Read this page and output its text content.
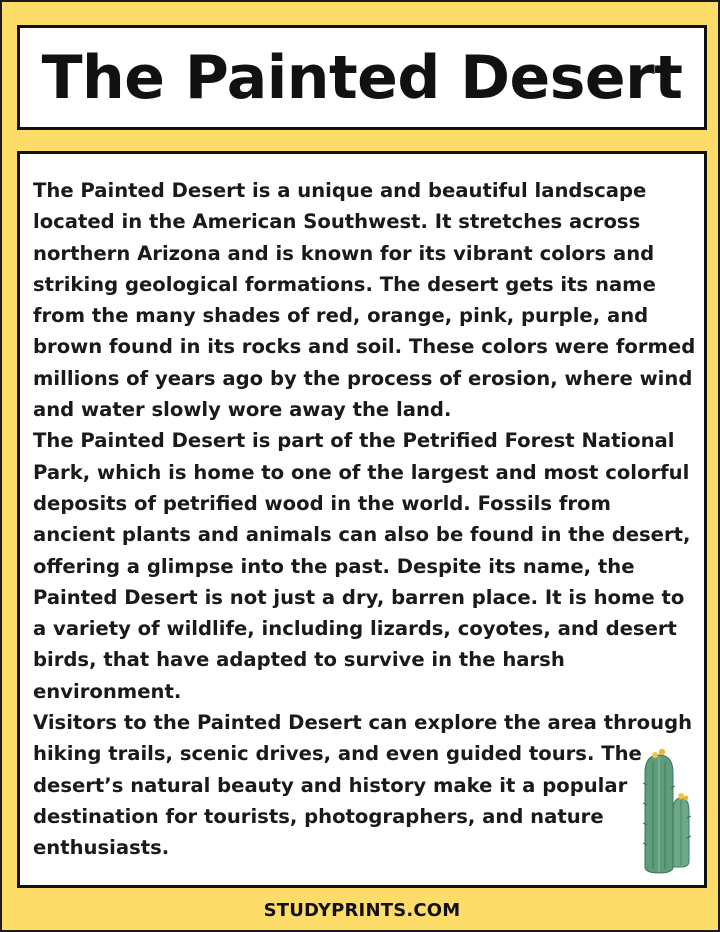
The Painted Desert

The Painted Desert is a unique and beautiful landscape located in the American Southwest. It stretches across northern Arizona and is known for its vibrant colors and striking geological formations. The desert gets its name from the many shades of red, orange, pink, purple, and brown found in its rocks and soil. These colors were formed millions of years ago by the process of erosion, where wind and water slowly wore away the land.

The Painted Desert is part of the Petrified Forest National Park, which is home to one of the largest and most colorful deposits of petrified wood in the world. Fossils from ancient plants and animals can also be found in the desert, offering a glimpse into the past. Despite its name, the Painted Desert is not just a dry, barren place. It is home to a variety of wildlife, including lizards, coyotes, and desert birds, that have adapted to survive in the harsh environment.

Visitors to the Painted Desert can explore the area through hiking trails, scenic drives, and even guided tours. The desert’s natural beauty and history make it a popular destination for tourists, photographers, and nature enthusiasts.

STUDYPRINTS.COM
